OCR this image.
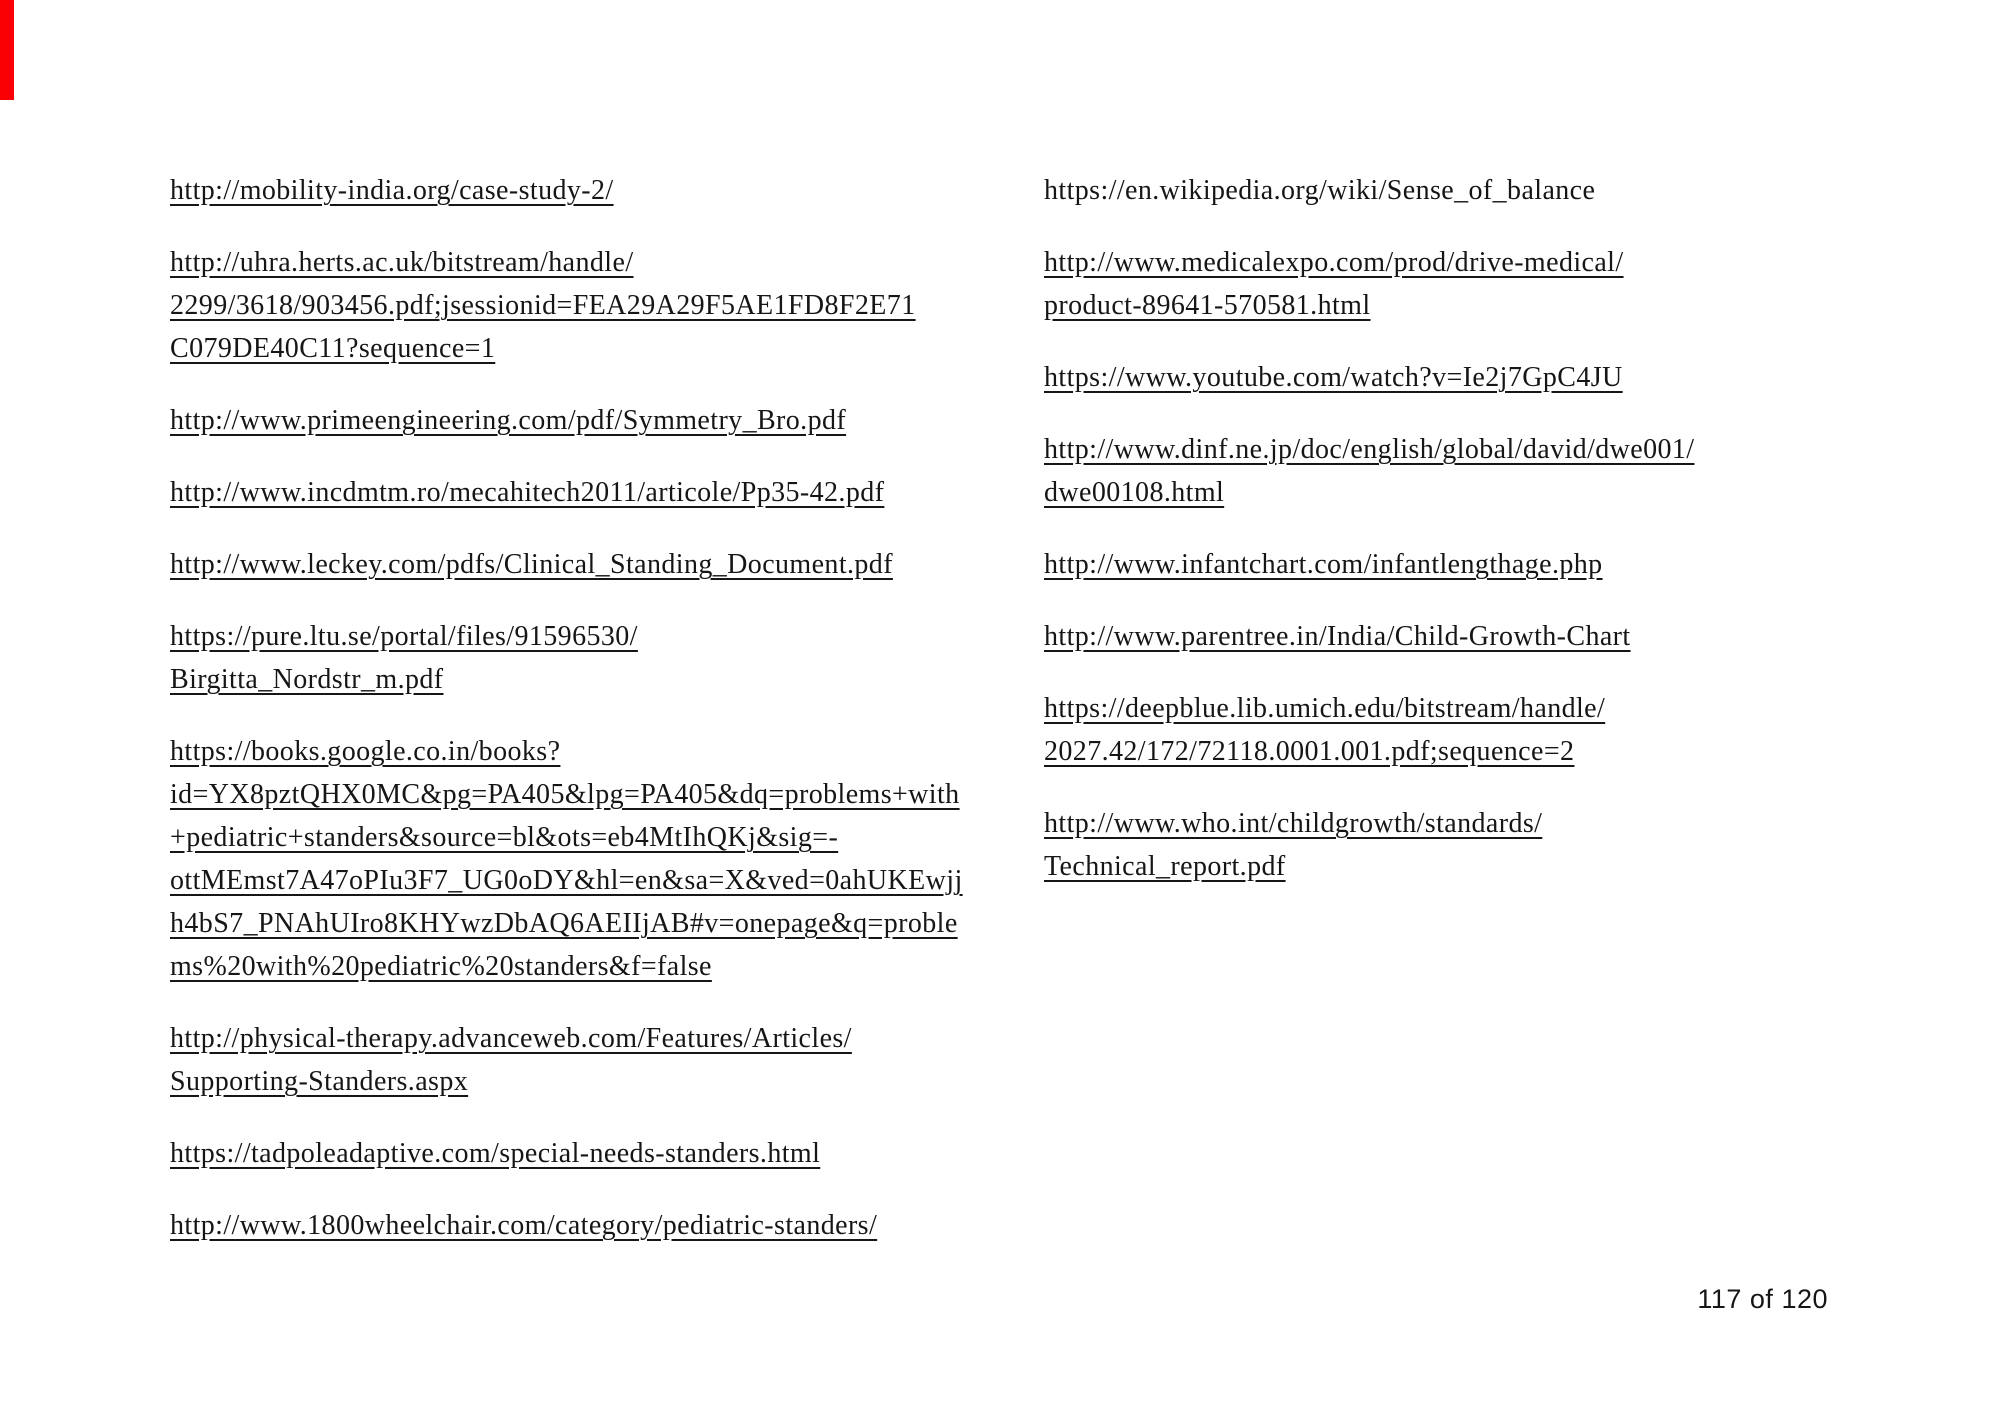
http://mobility-india.org/case-study-2/

http://uhra.herts.ac.uk/bitstream/handle/
2299/3618/903456.pdf;jsessionid=FEA29A29F5AE1FD8F2E71
C079DE40C11?sequence=1

http://www.primeengineering.com/pdf/Symmetry_Bro.pdf

http://www.incdmtm.ro/mecahitech2011/articole/Pp35-42.pdf

http://www.leckey.com/pdfs/Clinical_Standing_Document.pdf

https://pure.ltu.se/portal/files/91596530/
Birgitta_Nordstr_m.pdf

https://books.google.co.in/books?
id=YX8pztQHX0MC&pg=PA405&lpg=PA405&dq=problems+with
+pediatric+standers&source=bl&ots=eb4MtIhQKj&sig=-
ottMEmst7A47oPIu3F7_UG0oDY&hl=en&sa=X&ved=0ahUKEwjj
h4bS7_PNAhUIro8KHYwzDbAQ6AEIIjAB#v=onepage&q=proble
ms%20with%20pediatric%20standers&f=false

http://physical-therapy.advanceweb.com/Features/Articles/
Supporting-Standers.aspx

https://tadpoleadaptive.com/special-needs-standers.html

http://www.1800wheelchair.com/category/pediatric-standers/

https://en.wikipedia.org/wiki/Sense_of_balance

http://www.medicalexpo.com/prod/drive-medical/
product-89641-570581.html

https://www.youtube.com/watch?v=Ie2j7GpC4JU

http://www.dinf.ne.jp/doc/english/global/david/dwe001/
dwe00108.html

http://www.infantchart.com/infantlengthage.php

http://www.parentree.in/India/Child-Growth-Chart

https://deepblue.lib.umich.edu/bitstream/handle/
2027.42/172/72118.0001.001.pdf;sequence=2

http://www.who.int/childgrowth/standards/
Technical_report.pdf

117 of 120
